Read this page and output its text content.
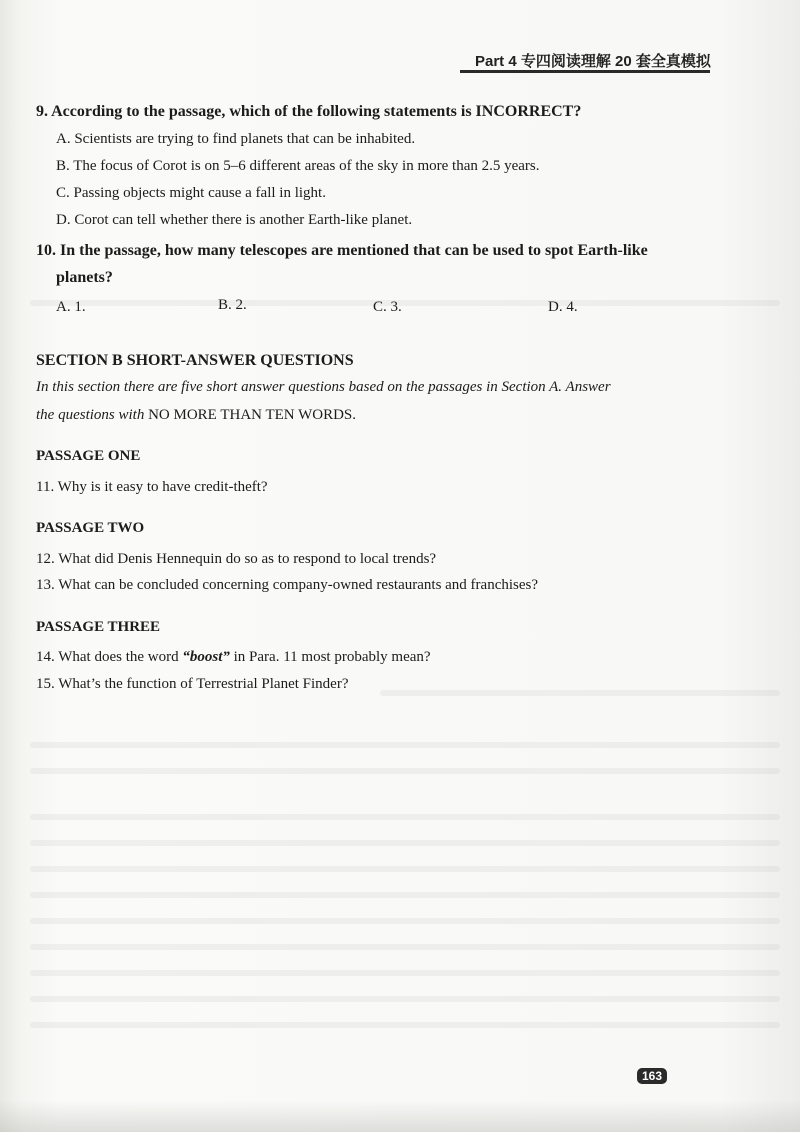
Part 4 专四阅读理解 20 套全真模拟
9. According to the passage, which of the following statements is INCORRECT?
A. Scientists are trying to find planets that can be inhabited.
B. The focus of Corot is on 5–6 different areas of the sky in more than 2.5 years.
C. Passing objects might cause a fall in light.
D. Corot can tell whether there is another Earth-like planet.
10. In the passage, how many telescopes are mentioned that can be used to spot Earth-like
planets?
A. 1.	B. 2.	C. 3.	D. 4.
SECTION B SHORT-ANSWER QUESTIONS
In this section there are five short answer questions based on the passages in Section A. Answer
the questions with NO MORE THAN TEN WORDS.
PASSAGE ONE
11. Why is it easy to have credit-theft?
PASSAGE TWO
12. What did Denis Hennequin do so as to respond to local trends?
13. What can be concluded concerning company-owned restaurants and franchises?
PASSAGE THREE
14. What does the word “boost” in Para. 11 most probably mean?
15. What’s the function of Terrestrial Planet Finder?
163
